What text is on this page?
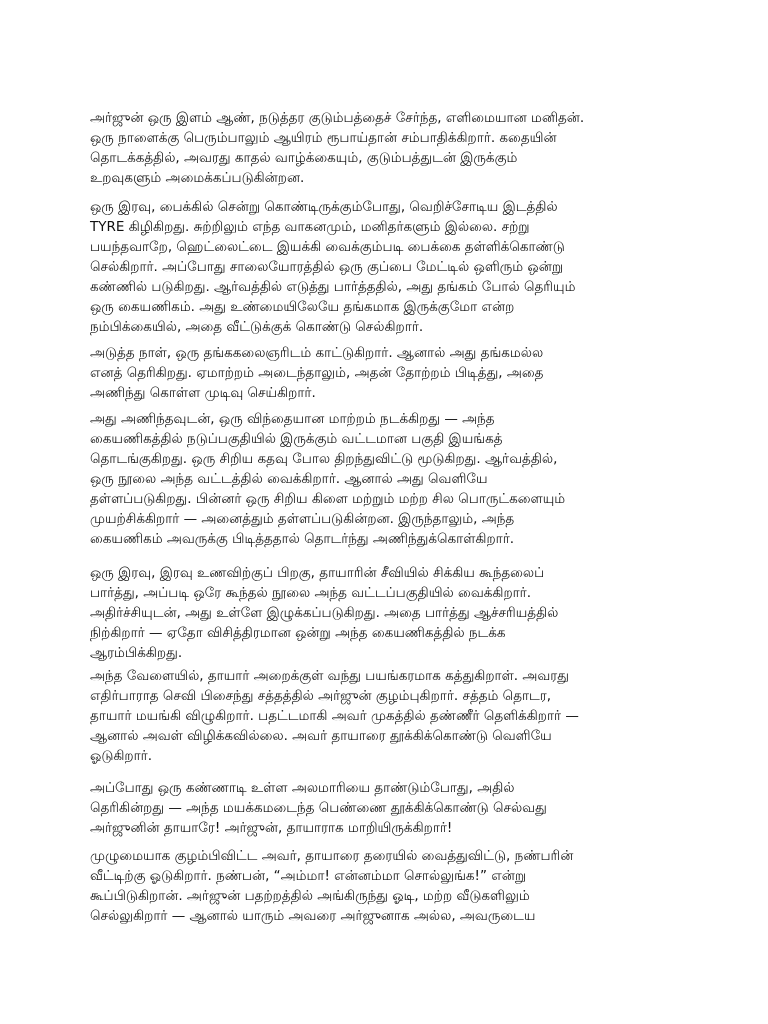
அர்ஜுன் ஒரு இளம் ஆண், நடுத்தர குடும்பத்தைச் சேர்ந்த, எளிமையான மனிதன்.
ஒரு நாளைக்கு பெரும்பாலும் ஆயிரம் ரூபாய்தான் சம்பாதிக்கிறார். கதையின்
தொடக்கத்தில், அவரது காதல் வாழ்க்கையும், குடும்பத்துடன் இருக்கும்
உறவுகளும் அமைக்கப்படுகின்றன.
ஒரு இரவு, பைக்கில் சென்று கொண்டிருக்கும்போது, வெறிச்சோடிய இடத்தில்
TYRE கிழிகிறது. சுற்றிலும் எந்த வாகனமும், மனிதர்களும் இல்லை. சற்று
பயந்தவாறே, ஹெட்லைட்டை இயக்கி வைக்கும்படி பைக்கை தள்ளிக்கொண்டு
செல்கிறார். அப்போது சாலையோரத்தில் ஒரு குப்பை மேட்டில் ஒளிரும் ஒன்று
கண்ணில் படுகிறது. ஆர்வத்தில் எடுத்து பார்த்ததில், அது தங்கம் போல் தெரியும்
ஒரு கையணிகம். அது உண்மையிலேயே தங்கமாக இருக்குமோ என்ற
நம்பிக்கையில், அதை வீட்டுக்குக் கொண்டு செல்கிறார்.
அடுத்த நாள், ஒரு தங்ககலைஞரிடம் காட்டுகிறார். ஆனால் அது தங்கமல்ல
எனத் தெரிகிறது. ஏமாற்றம் அடைந்தாலும், அதன் தோற்றம் பிடித்து, அதை
அணிந்து கொள்ள முடிவு செய்கிறார்.
அது அணிந்தவுடன், ஒரு விந்தையான மாற்றம் நடக்கிறது — அந்த
கையணிகத்தில் நடுப்பகுதியில் இருக்கும் வட்டமான பகுதி இயங்கத்
தொடங்குகிறது. ஒரு சிறிய கதவு போல திறந்துவிட்டு மூடுகிறது. ஆர்வத்தில்,
ஒரு நூலை அந்த வட்டத்தில் வைக்கிறார். ஆனால் அது வெளியே
தள்ளப்படுகிறது. பின்னர் ஒரு சிறிய கிளை மற்றும் மற்ற சில பொருட்களையும்
முயற்சிக்கிறார் — அனைத்தும் தள்ளப்படுகின்றன. இருந்தாலும், அந்த
கையணிகம் அவருக்கு பிடித்ததால் தொடர்ந்து அணிந்துக்கொள்கிறார்.
ஒரு இரவு, இரவு உணவிற்குப் பிறகு, தாயாரின் சீவியில் சிக்கிய கூந்தலைப்
பார்த்து, அப்படி ஒரே கூந்தல் நூலை அந்த வட்டப்பகுதியில் வைக்கிறார்.
அதிர்ச்சியுடன், அது உள்ளே இழுக்கப்படுகிறது. அதை பார்த்து ஆச்சரியத்தில்
நிற்கிறார் — ஏதோ விசித்திரமான ஒன்று அந்த கையணிகத்தில் நடக்க
ஆரம்பிக்கிறது.
அந்த வேளையில், தாயார் அறைக்குள் வந்து பயங்கரமாக கத்துகிறாள். அவரது
எதிர்பாராத செவி பிசைந்து சத்தத்தில் அர்ஜுன் குழம்புகிறார். சத்தம் தொடர,
தாயார் மயங்கி விழுகிறார். பதட்டமாகி அவர் முகத்தில் தண்ணீர் தெளிக்கிறார் —
ஆனால் அவள் விழிக்கவில்லை. அவர் தாயாரை தூக்கிக்கொண்டு வெளியே
ஓடுகிறார்.
அப்போது ஒரு கண்ணாடி உள்ள அலமாரியை தாண்டும்போது, அதில்
தெரிகின்றது — அந்த மயக்கமடைந்த பெண்ணை தூக்கிக்கொண்டு செல்வது
அர்ஜுனின் தாயாரே! அர்ஜுன், தாயாராக மாறியிருக்கிறார்!
முழுமையாக குழம்பிவிட்ட அவர், தாயாரை தரையில் வைத்துவிட்டு, நண்பரின்
வீட்டிற்கு ஓடுகிறார். நண்பன், “அம்மா! என்னம்மா சொல்லுங்க!” என்று
கூப்பிடுகிறான். அர்ஜுன் பதற்றத்தில் அங்கிருந்து ஓடி, மற்ற வீடுகளிலும்
செல்லுகிறார் — ஆனால் யாரும் அவரை அர்ஜுனாக அல்ல, அவருடைய
